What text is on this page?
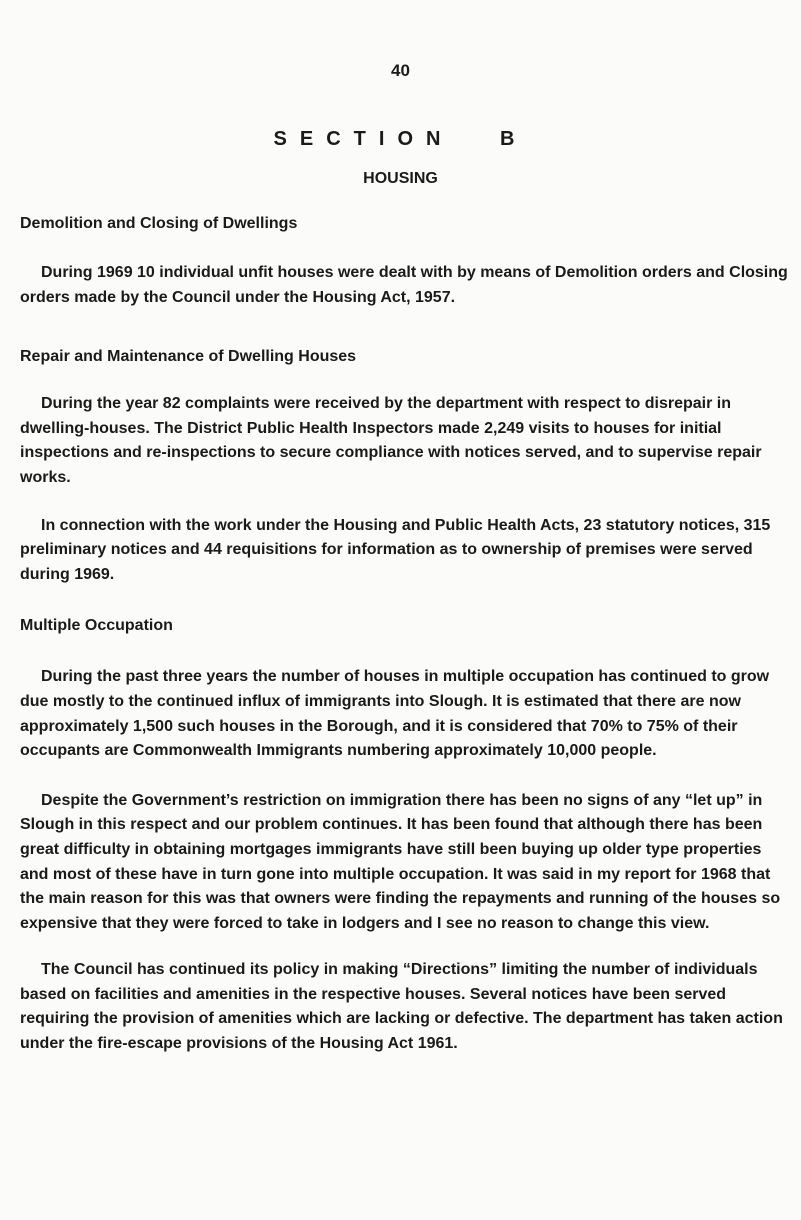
40
SECTION B
HOUSING
Demolition and Closing of Dwellings

During 1969 10 individual unfit houses were dealt with by means of Demolition orders and Closing orders made by the Council under the Housing Act, 1957.

Repair and Maintenance of Dwelling Houses

During the year 82 complaints were received by the department with respect to disrepair in dwelling-houses. The District Public Health Inspectors made 2,249 visits to houses for initial inspections and re-inspections to secure compliance with notices served, and to supervise repair works.

In connection with the work under the Housing and Public Health Acts, 23 statutory notices, 315 preliminary notices and 44 requisitions for information as to ownership of premises were served during 1969.

Multiple Occupation

During the past three years the number of houses in multiple occupation has continued to grow due mostly to the continued influx of immigrants into Slough. It is estimated that there are now approximately 1,500 such houses in the Borough, and it is considered that 70% to 75% of their occupants are Commonwealth Immigrants numbering approximately 10,000 people.

Despite the Government’s restriction on immigration there has been no signs of any “let up” in Slough in this respect and our problem continues. It has been found that although there has been great difficulty in obtaining mortgages immigrants have still been buying up older type properties and most of these have in turn gone into multiple occupation. It was said in my report for 1968 that the main reason for this was that owners were finding the repayments and running of the houses so expensive that they were forced to take in lodgers and I see no reason to change this view.

The Council has continued its policy in making “Directions” limiting the number of individuals based on facilities and amenities in the respective houses. Several notices have been served requiring the provision of amenities which are lacking or defective. The department has taken action under the fire-escape provisions of the Housing Act 1961.
